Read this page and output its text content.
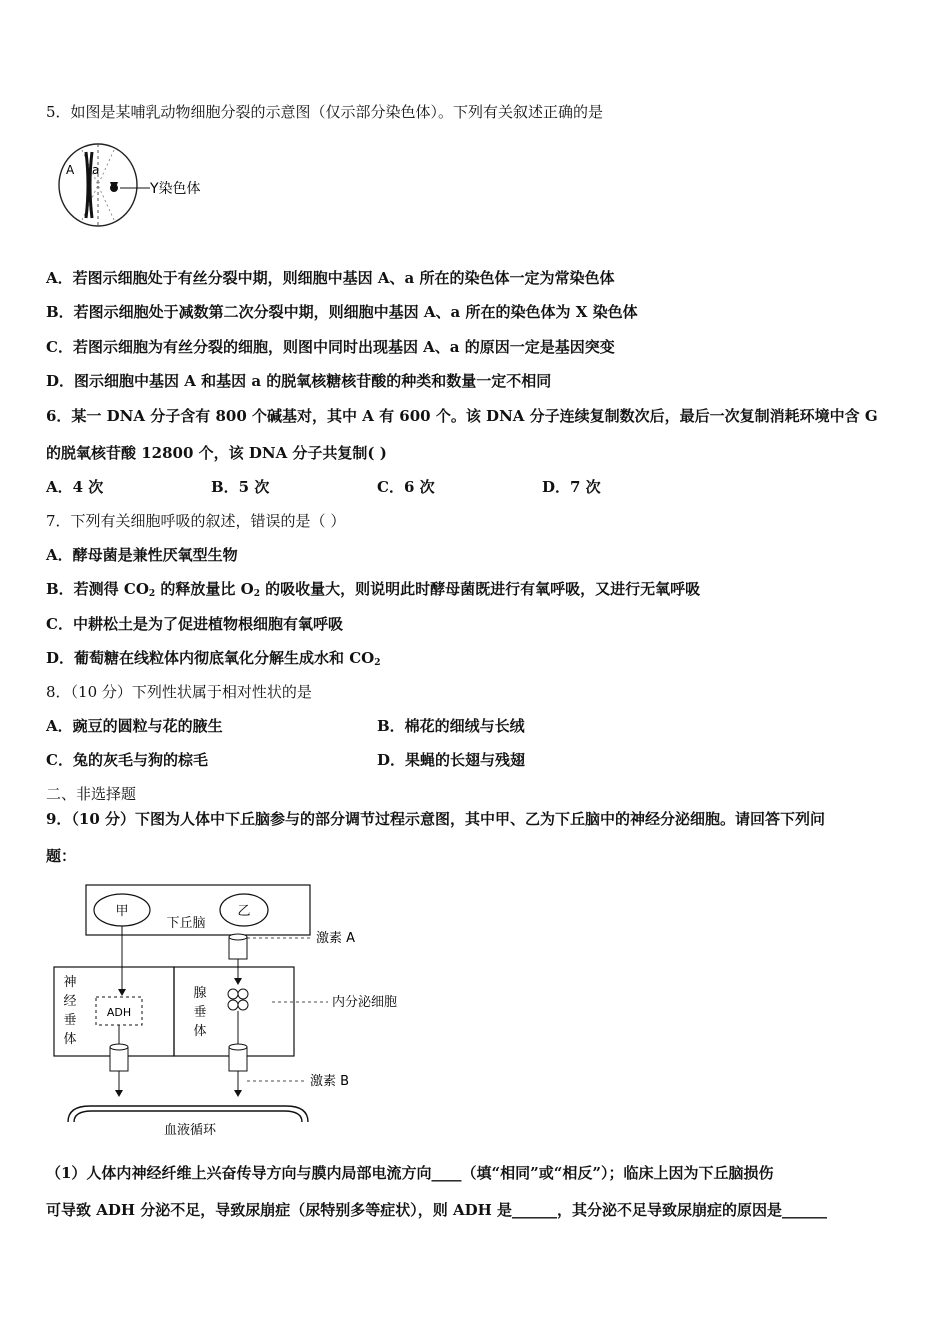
5．如图是某哺乳动物细胞分裂的示意图（仅示部分染色体）。下列有关叙述正确的是
A a
Y染色体
A．若图示细胞处于有丝分裂中期，则细胞中基因 A、a 所在的染色体一定为常染色体
B．若图示细胞处于减数第二次分裂中期，则细胞中基因 A、a 所在的染色体为 X 染色体
C．若图示细胞为有丝分裂的细胞，则图中同时出现基因 A、a 的原因一定是基因突变
D．图示细胞中基因 A 和基因 a 的脱氧核糖核苷酸的种类和数量一定不相同
6．某一 DNA 分子含有 800 个碱基对，其中 A 有 600 个。该 DNA 分子连续复制数次后，最后一次复制消耗环境中含 G
的脱氧核苷酸 12800 个，该 DNA 分子共复制( )
A．4 次	B．5 次	C．6 次	D．7 次
7．下列有关细胞呼吸的叙述，错误的是（ ）
A．酵母菌是兼性厌氧型生物
B．若测得 $CO_2$ 的释放量比 $O_2$ 的吸收量大，则说明此时酵母菌既进行有氧呼吸，又进行无氧呼吸
C．中耕松土是为了促进植物根细胞有氧呼吸
D．葡萄糖在线粒体内彻底氧化分解生成水和 $CO_2$
8．（10 分）下列性状属于相对性状的是
A．豌豆的圆粒与花的腋生	B．棉花的细绒与长绒
C．兔的灰毛与狗的棕毛	D．果蝇的长翅与残翅
二、非选择题
9．（10 分）下图为人体中下丘脑参与的部分调节过程示意图，其中甲、乙为下丘脑中的神经分泌细胞。请回答下列问
题：
甲	乙
下丘脑
激素 A
神
经
垂
体
腺
垂
体
ADH
内分泌细胞
激素 B
血液循环
（1）人体内神经纤维上兴奋传导方向与膜内局部电流方向____（填“相同”或“相反”）；临床上因为下丘脑损伤
可导致 ADH 分泌不足，导致尿崩症（尿特别多等症状），则 ADH 是______，其分泌不足导致尿崩症的原因是______
